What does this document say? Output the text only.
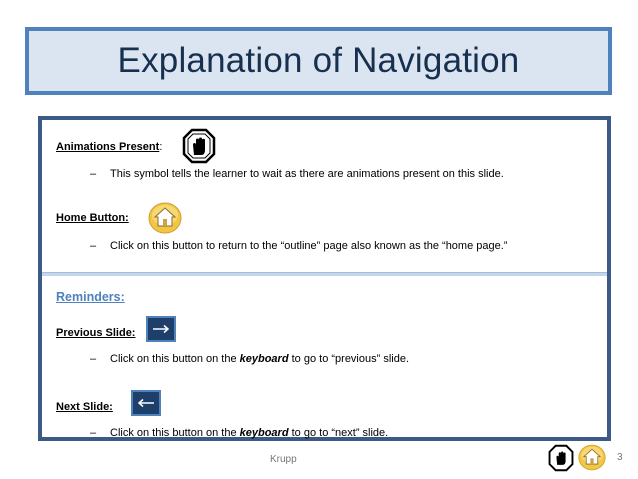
Explanation of Navigation
Animations Present:
– This symbol tells the learner to wait as there are animations present on this slide.
Home Button:
– Click on this button to return to the “outline” page also known as the “home page.”
Reminders:
Previous Slide:
– Click on this button on the keyboard to go to “previous” slide.
Next Slide:
– Click on this button on the keyboard to go to “next” slide.
Krupp	3
